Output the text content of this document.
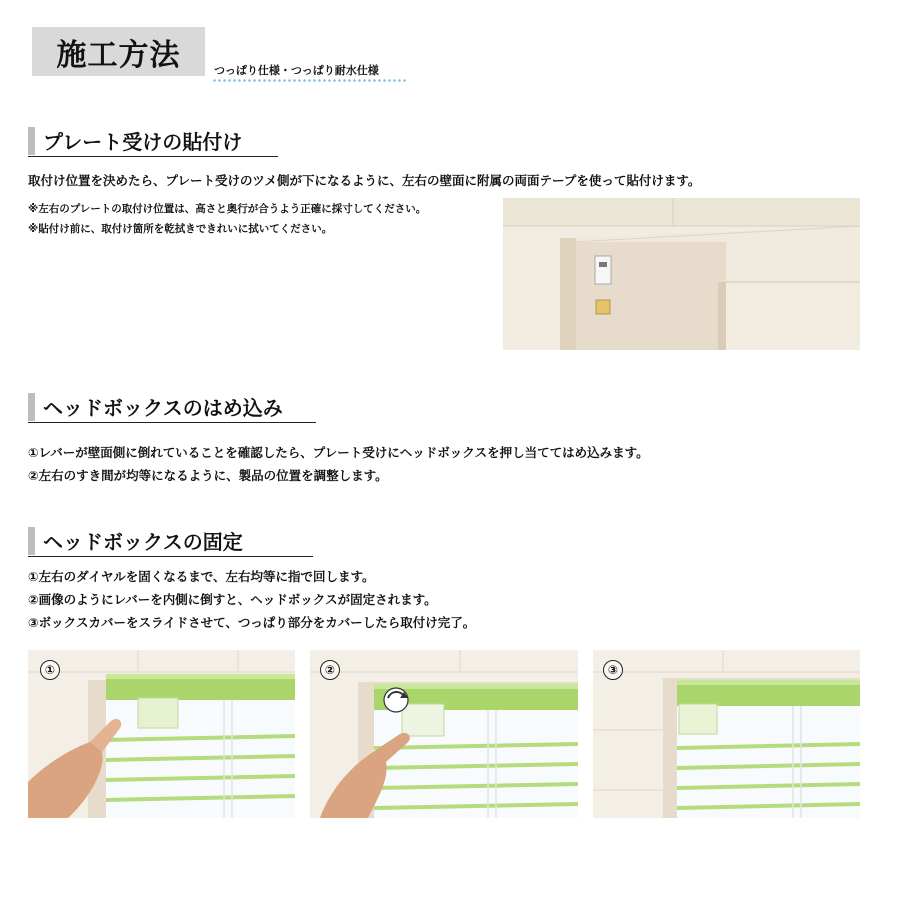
施工方法	つっぱり仕様・つっぱり耐水仕様
プレート受けの貼付け
取付け位置を決めたら、プレート受けのツメ側が下になるように、左右の壁面に附属の両面テープを使って貼付けます。
※左右のプレートの取付け位置は、高さと奥行が合うよう正確に採寸してください。
※貼付け前に、取付け箇所を乾拭きできれいに拭いてください。
ヘッドボックスのはめ込み
①レバーが壁面側に倒れていることを確認したら、プレート受けにヘッドボックスを押し当ててはめ込みます。
②左右のすき間が均等になるように、製品の位置を調整します。
ヘッドボックスの固定
①左右のダイヤルを固くなるまで、左右均等に指で回します。
②画像のようにレバーを内側に倒すと、ヘッドボックスが固定されます。
③ボックスカバーをスライドさせて、つっぱり部分をカバーしたら取付け完了。
①	②	③
